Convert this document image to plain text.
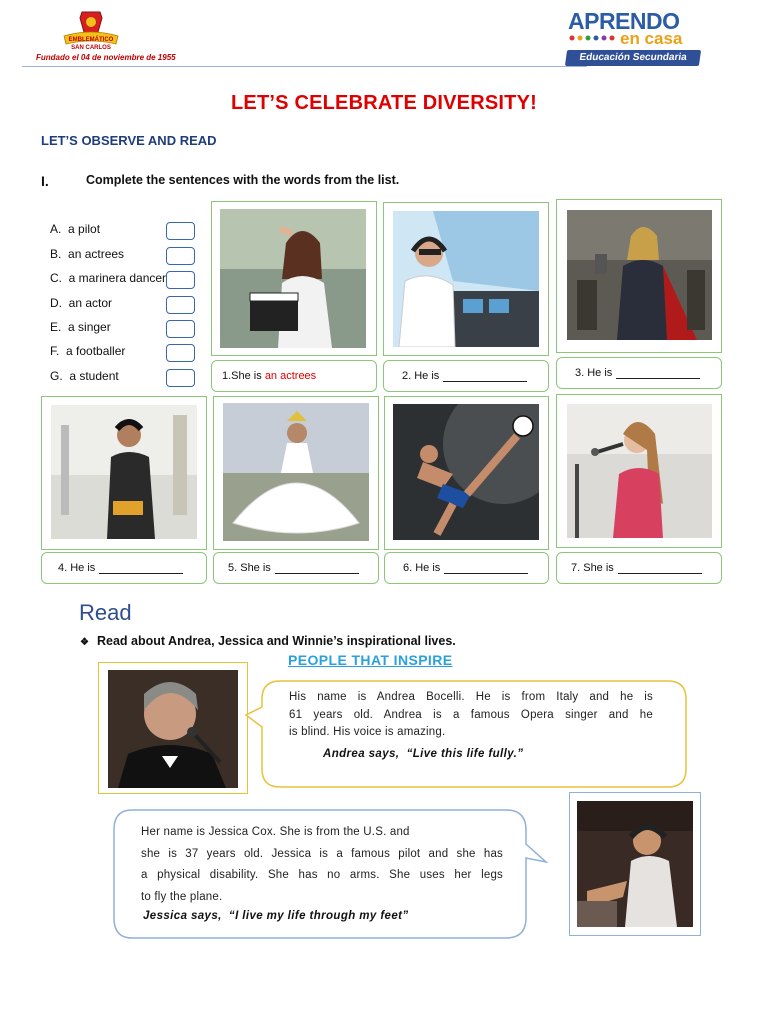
EMBLEMÁTICO
SAN CARLOS
Fundado el 04 de noviembre de 1955
APRENDO
en casa
Educación Secundaria
LET’S CELEBRATE DIVERSITY!
LET’S OBSERVE AND READ
I.	Complete the sentences with the words from the list.
A. a pilot
B. an actrees
C. a marinera dancer
D. an actor
E. a singer
F. a footballer
G. a student	1.She is an actrees	2. He is	3. He is
4. He is	5. She is	6. He is	7. She is
Read
❖ Read about Andrea, Jessica and Winnie’s inspirational lives.
PEOPLE THAT INSPIRE
His name is Andrea Bocelli. He is from Italy and he is
61 years old. Andrea is a famous Opera singer and he
is blind. His voice is amazing.
Andrea says,  “Live this life fully.”
Her name is Jessica Cox. She is from the U.S. and
she is 37 years old. Jessica is a famous pilot and she has
a physical disability. She has no arms. She uses her legs
to fly the plane.
Jessica says,  “I live my life through my feet”
